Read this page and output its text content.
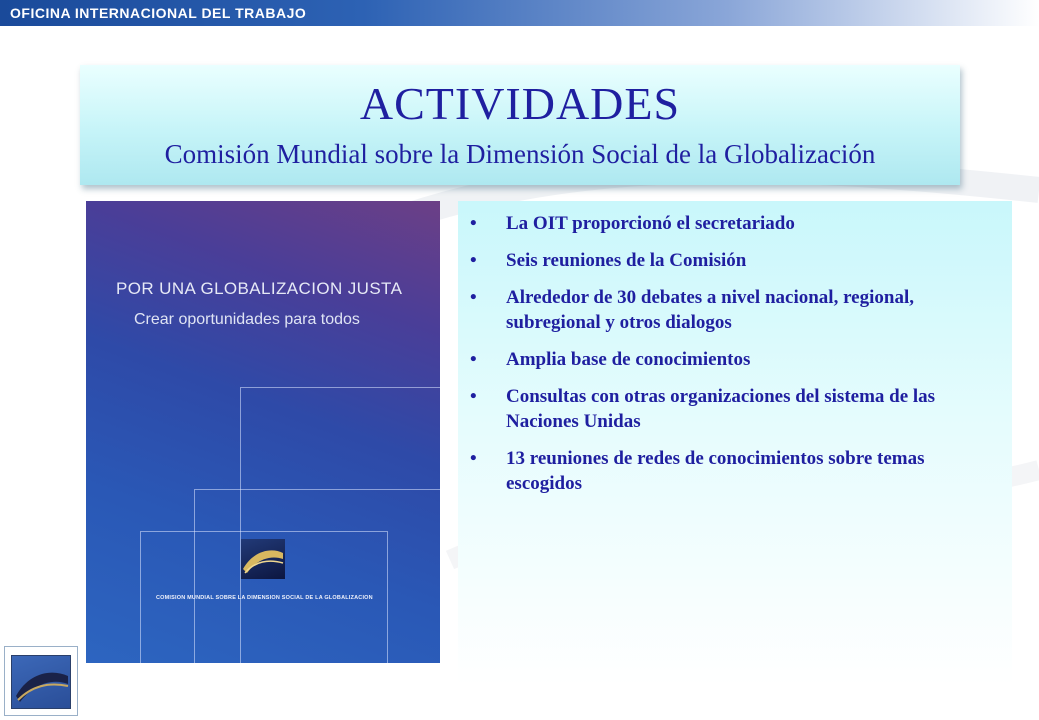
OFICINA INTERNACIONAL DEL TRABAJO
ACTIVIDADES
Comisión Mundial sobre la Dimensión Social de la Globalización
POR UNA GLOBALIZACION JUSTA
Crear oportunidades para todos
COMISION MUNDIAL SOBRE LA DIMENSION SOCIAL DE LA GLOBALIZACION
• La OIT proporcionó el secretariado
• Seis reuniones de la Comisión
• Alrededor de 30 debates a nivel nacional, regional, subregional y otros dialogos
• Amplia base de conocimientos
• Consultas con otras organizaciones del sistema de las Naciones Unidas
• 13 reuniones de redes de conocimientos sobre temas escogidos
